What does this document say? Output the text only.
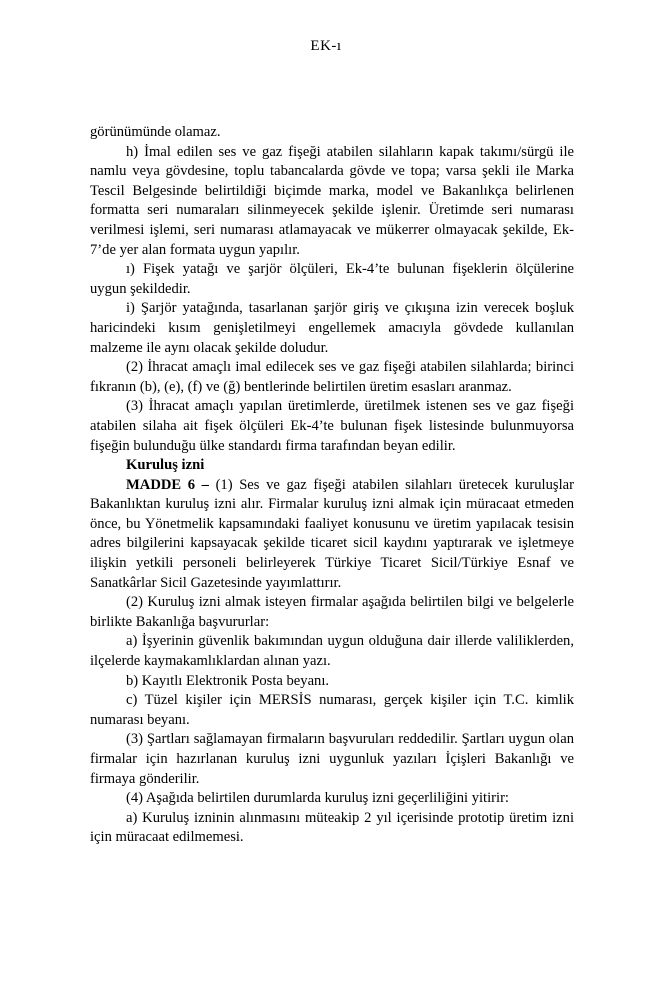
EK-ı

görünümünde olamaz.

h) İmal edilen ses ve gaz fişeği atabilen silahların kapak takımı/sürgü ile namlu veya gövdesine, toplu tabancalarda gövde ve topa; varsa şekli ile Marka Tescil Belgesinde belirtildiği biçimde marka, model ve Bakanlıkça belirlenen formatta seri numaraları silinmeyecek şekilde işlenir. Üretimde seri numarası verilmesi işlemi, seri numarası atlamayacak ve mükerrer olmayacak şekilde, Ek-7’de yer alan formata uygun yapılır.

ı) Fişek yatağı ve şarjör ölçüleri, Ek-4’te bulunan fişeklerin ölçülerine uygun şekildedir.

i) Şarjör yatağında, tasarlanan şarjör giriş ve çıkışına izin verecek boşluk haricindeki kısım genişletilmeyi engellemek amacıyla gövdede kullanılan malzeme ile aynı olacak şekilde doludur.

(2) İhracat amaçlı imal edilecek ses ve gaz fişeği atabilen silahlarda; birinci fıkranın (b), (e), (f) ve (ğ) bentlerinde belirtilen üretim esasları aranmaz.

(3) İhracat amaçlı yapılan üretimlerde, üretilmek istenen ses ve gaz fişeği atabilen silaha ait fişek ölçüleri Ek-4’te bulunan fişek listesinde bulunmuyorsa fişeğin bulunduğu ülke standardı firma tarafından beyan edilir.

Kuruluş izni

MADDE 6 – (1) Ses ve gaz fişeği atabilen silahları üretecek kuruluşlar Bakanlıktan kuruluş izni alır. Firmalar kuruluş izni almak için müracaat etmeden önce, bu Yönetmelik kapsamındaki faaliyet konusunu ve üretim yapılacak tesisin adres bilgilerini kapsayacak şekilde ticaret sicil kaydını yaptırarak ve işletmeye ilişkin yetkili personeli belirleyerek Türkiye Ticaret Sicil/Türkiye Esnaf ve Sanatkârlar Sicil Gazetesinde yayımlattırır.

(2) Kuruluş izni almak isteyen firmalar aşağıda belirtilen bilgi ve belgelerle birlikte Bakanlığa başvururlar:

a) İşyerinin güvenlik bakımından uygun olduğuna dair illerde valiliklerden, ilçelerde kaymakamlıklardan alınan yazı.

b) Kayıtlı Elektronik Posta beyanı.

c) Tüzel kişiler için MERSİS numarası, gerçek kişiler için T.C. kimlik numarası beyanı.

(3) Şartları sağlamayan firmaların başvuruları reddedilir. Şartları uygun olan firmalar için hazırlanan kuruluş izni uygunluk yazıları İçişleri Bakanlığı ve firmaya gönderilir.

(4) Aşağıda belirtilen durumlarda kuruluş izni geçerliliğini yitirir:

a) Kuruluş izninin alınmasını müteakip 2 yıl içerisinde prototip üretim izni için müracaat edilmemesi.
